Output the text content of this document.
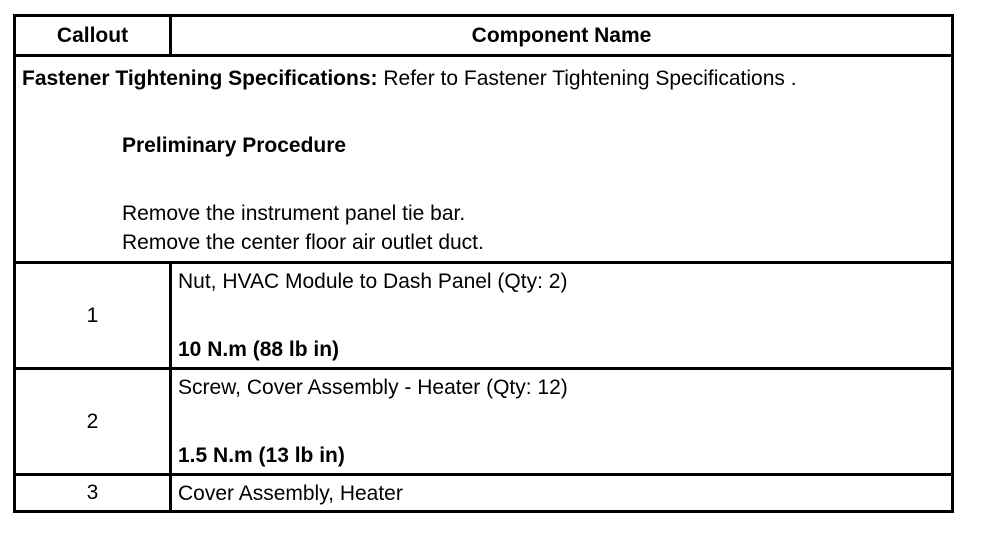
Callout	Component Name

Fastener Tightening Specifications: Refer to Fastener Tightening Specifications .
Preliminary Procedure
Remove the instrument panel tie bar.
Remove the center floor air outlet duct.	

1	Nut, HVAC Module to Dash Panel (Qty: 2)
10 N.m (88 lb in)

2	Screw, Cover Assembly - Heater (Qty: 12)
1.5 N.m (13 lb in)

3	Cover Assembly, Heater
